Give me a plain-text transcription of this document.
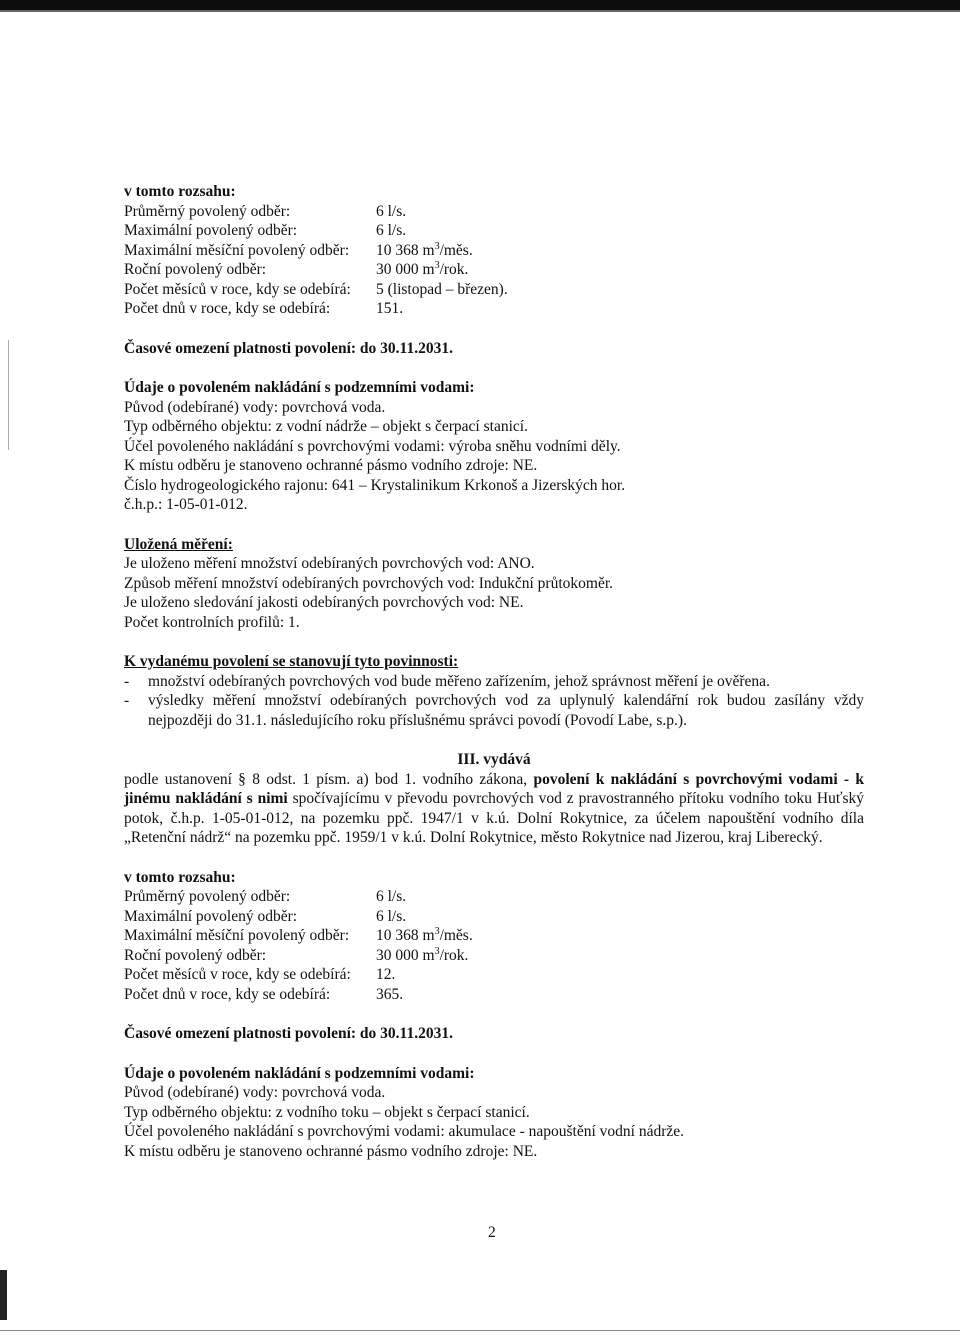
v tomto rozsahu:
Průměrný povolený odběr:	6 l/s.
Maximální povolený odběr:	6 l/s.
Maximální měsíční povolený odběr:	10 368 $m^3$/měs.
Roční povolený odběr:	30 000 $m^3$/rok.
Počet měsíců v roce, kdy se odebírá:	5 (listopad – březen).
Počet dnů v roce, kdy se odebírá:	151.
Časové omezení platnosti povolení: do 30.11.2031.
Údaje o povoleném nakládání s podzemními vodami:
Původ (odebírané) vody: povrchová voda.
Typ odběrného objektu: z vodní nádrže – objekt s čerpací stanicí.
Účel povoleného nakládání s povrchovými vodami: výroba sněhu vodními děly.
K místu odběru je stanoveno ochranné pásmo vodního zdroje: NE.
Číslo hydrogeologického rajonu: 641 – Krystalinikum Krkonoš a Jizerských hor.
č.h.p.: 1-05-01-012.
Uložená měření:
Je uloženo měření množství odebíraných povrchových vod: ANO.
Způsob měření množství odebíraných povrchových vod: Indukční průtokoměr.
Je uloženo sledování jakosti odebíraných povrchových vod: NE.
Počet kontrolních profilů: 1.
K vydanému povolení se stanovují tyto povinnosti:
-	množství odebíraných povrchových vod bude měřeno zařízením, jehož správnost měření je ověřena.
-	výsledky měření množství odebíraných povrchových vod za uplynulý kalendářní rok budou zasílány vždy nejpozději do 31.1. následujícího roku příslušnému správci povodí (Povodí Labe, s.p.).
III. vydává
podle ustanovení § 8 odst. 1 písm. a) bod 1. vodního zákona, povolení k nakládání s povrchovými vodami - k jinému nakládání s nimi spočívajícímu v převodu povrchových vod z pravostranného přítoku vodního toku Huťský potok, č.h.p. 1-05-01-012, na pozemku ppč. 1947/1 v k.ú. Dolní Rokytnice, za účelem napouštění vodního díla „Retenční nádrž“ na pozemku ppč. 1959/1 v k.ú. Dolní Rokytnice, město Rokytnice nad Jizerou, kraj Liberecký.
v tomto rozsahu:
Průměrný povolený odběr:	6 l/s.
Maximální povolený odběr:	6 l/s.
Maximální měsíční povolený odběr:	10 368 $m^3$/měs.
Roční povolený odběr:	30 000 $m^3$/rok.
Počet měsíců v roce, kdy se odebírá:	12.
Počet dnů v roce, kdy se odebírá:	365.
Časové omezení platnosti povolení: do 30.11.2031.
Údaje o povoleném nakládání s podzemními vodami:
Původ (odebírané) vody: povrchová voda.
Typ odběrného objektu: z vodního toku – objekt s čerpací stanicí.
Účel povoleného nakládání s povrchovými vodami: akumulace - napouštění vodní nádrže.
K místu odběru je stanoveno ochranné pásmo vodního zdroje: NE.
2
